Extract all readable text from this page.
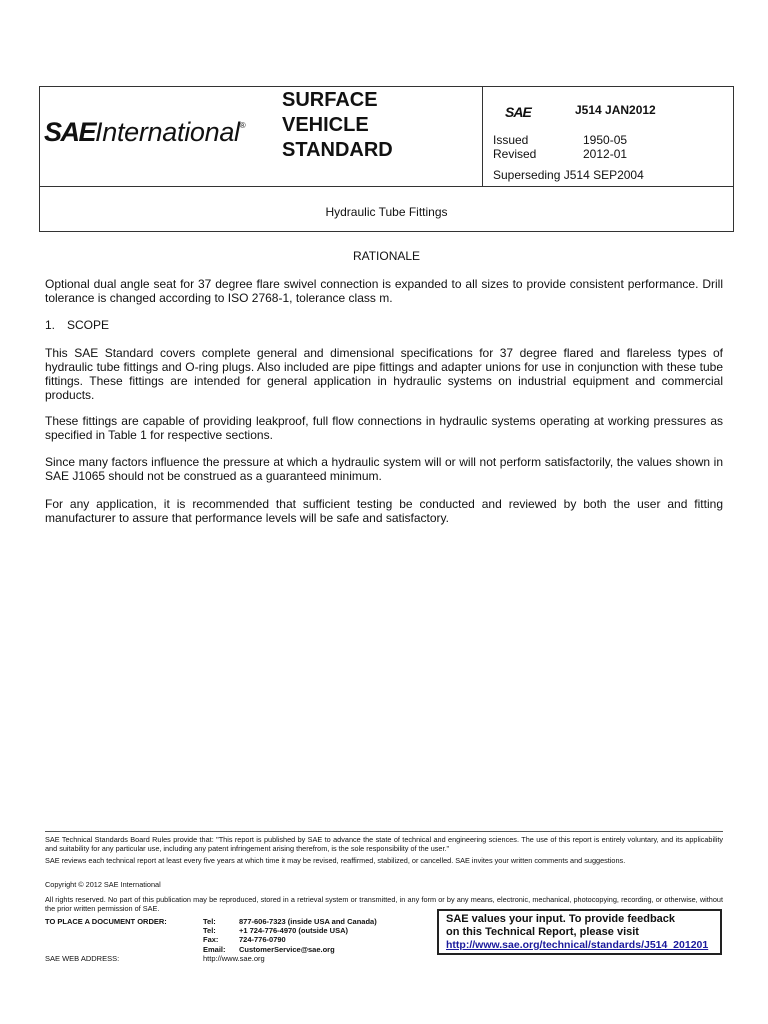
SAEInternational®
SURFACE
VEHICLE
STANDARD
SAE	J514 JAN2012
Issued	1950-05
Revised	2012-01
Superseding J514 SEP2004
Hydraulic Tube Fittings
RATIONALE
Optional dual angle seat for 37 degree flare swivel connection is expanded to all sizes to provide consistent performance. Drill tolerance is changed according to ISO 2768-1, tolerance class m.
1. SCOPE
This SAE Standard covers complete general and dimensional specifications for 37 degree flared and flareless types of hydraulic tube fittings and O-ring plugs. Also included are pipe fittings and adapter unions for use in conjunction with these tube fittings. These fittings are intended for general application in hydraulic systems on industrial equipment and commercial products.
These fittings are capable of providing leakproof, full flow connections in hydraulic systems operating at working pressures as specified in Table 1 for respective sections.
Since many factors influence the pressure at which a hydraulic system will or will not perform satisfactorily, the values shown in SAE J1065 should not be construed as a guaranteed minimum.
For any application, it is recommended that sufficient testing be conducted and reviewed by both the user and fitting manufacturer to assure that performance levels will be safe and satisfactory.
SAE Technical Standards Board Rules provide that: "This report is published by SAE to advance the state of technical and engineering sciences. The use of this report is entirely voluntary, and its applicability and suitability for any particular use, including any patent infringement arising therefrom, is the sole responsibility of the user."
SAE reviews each technical report at least every five years at which time it may be revised, reaffirmed, stabilized, or cancelled. SAE invites your written comments and suggestions.
Copyright © 2012 SAE International
All rights reserved. No part of this publication may be reproduced, stored in a retrieval system or transmitted, in any form or by any means, electronic, mechanical, photocopying, recording, or otherwise, without the prior written permission of SAE.
TO PLACE A DOCUMENT ORDER:	Tel:	877-606-7323 (inside USA and Canada)
Tel:	+1 724-776-4970 (outside USA)
Fax:	724-776-0790
Email: CustomerService@sae.org
SAE WEB ADDRESS:	http://www.sae.org
SAE values your input. To provide feedback
on this Technical Report, please visit
http://www.sae.org/technical/standards/J514_201201
